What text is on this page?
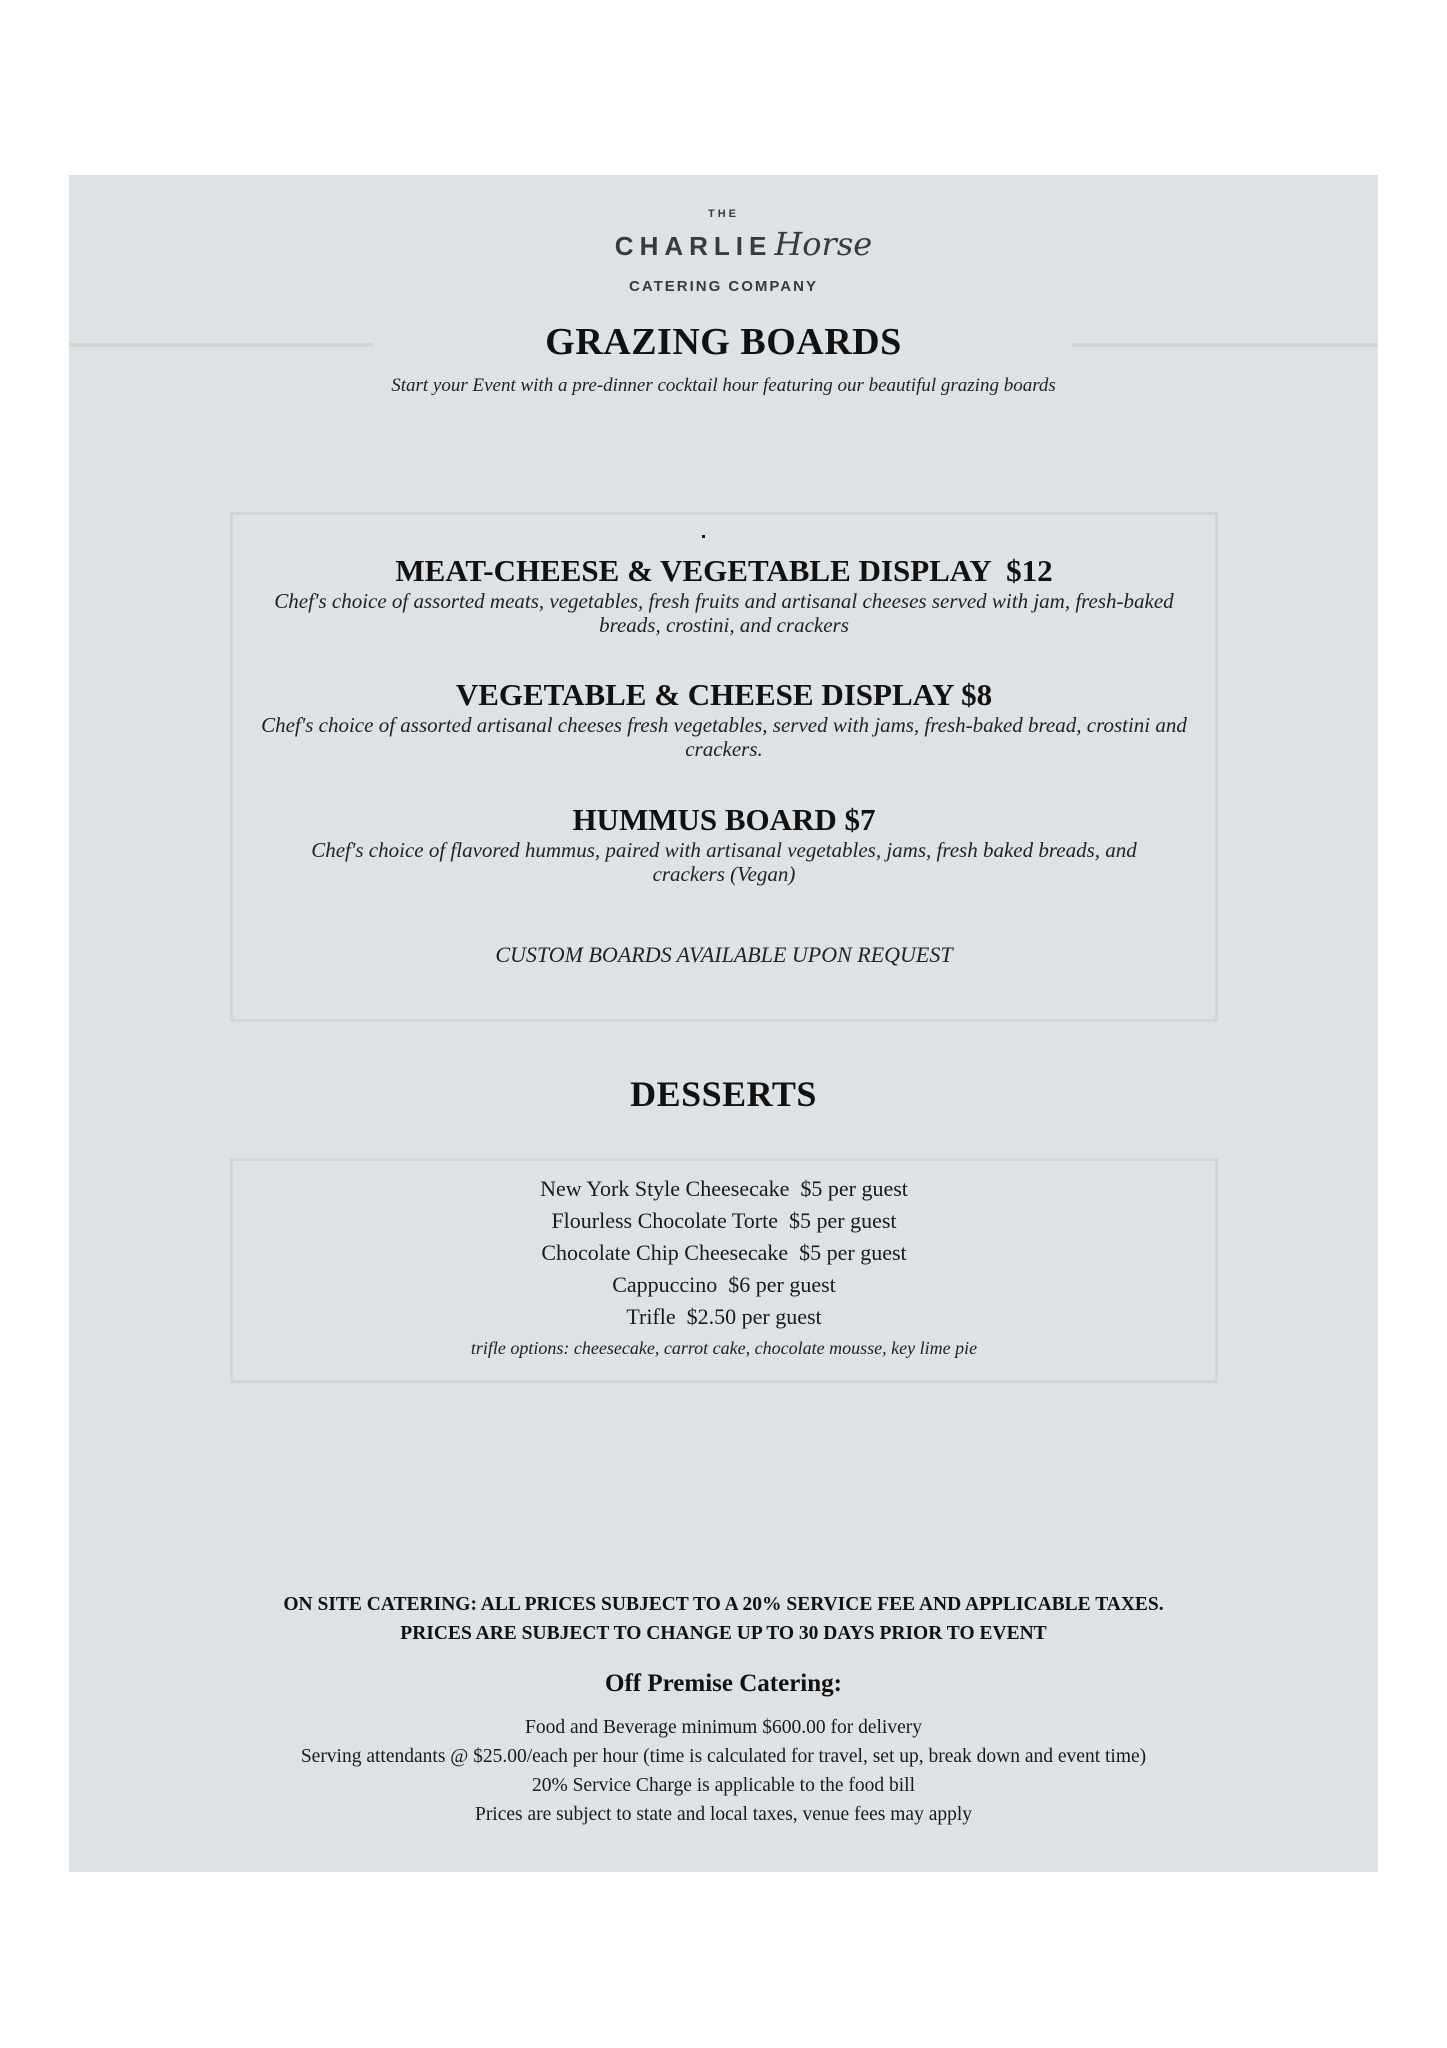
THE
CHARLIEHorse
CATERING COMPANY
GRAZING BOARDS
Start your Event with a pre-dinner cocktail hour featuring our beautiful grazing boards
MEAT-CHEESE & VEGETABLE DISPLAY  $12
Chef's choice of assorted meats, vegetables, fresh fruits and artisanal cheeses served with jam, fresh-baked breads, crostini, and crackers
VEGETABLE & CHEESE DISPLAY $8
Chef's choice of assorted artisanal cheeses fresh vegetables, served with jams, fresh-baked bread, crostini and crackers.
HUMMUS BOARD $7
Chef's choice of flavored hummus, paired with artisanal vegetables, jams, fresh baked breads, and crackers (Vegan)
CUSTOM BOARDS AVAILABLE UPON REQUEST
DESSERTS
New York Style Cheesecake  $5 per guest
Flourless Chocolate Torte  $5 per guest
Chocolate Chip Cheesecake  $5 per guest
Cappuccino  $6 per guest
Trifle  $2.50 per guest
trifle options: cheesecake, carrot cake, chocolate mousse, key lime pie
ON SITE CATERING: ALL PRICES SUBJECT TO A 20% SERVICE FEE AND APPLICABLE TAXES.
PRICES ARE SUBJECT TO CHANGE UP TO 30 DAYS PRIOR TO EVENT
Off Premise Catering:
Food and Beverage minimum $600.00 for delivery
Serving attendants @ $25.00/each per hour (time is calculated for travel, set up, break down and event time)
20% Service Charge is applicable to the food bill
Prices are subject to state and local taxes, venue fees may apply
